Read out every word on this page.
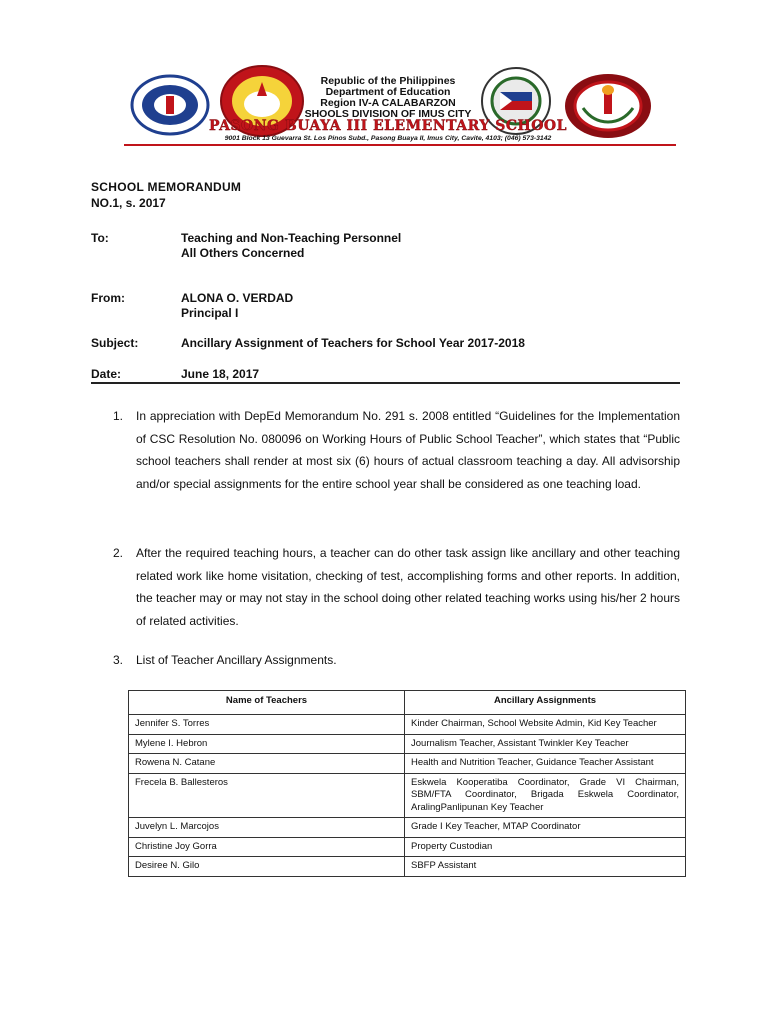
Republic of the Philippines
Department of Education
Region IV-A CALABARZON
SHOOLS DIVISION OF IMUS CITY
PASONG BUAYA III ELEMENTARY SCHOOL
9001 Block 13 Guevarra St. Los Pinos Subd., Pasong Buaya II, Imus City, Cavite, 4103; (046) 573-3142
SCHOOL MEMORANDUM
NO.1, s. 2017
To:	Teaching and Non-Teaching Personnel
All Others Concerned
From:	ALONA O. VERDAD
Principal I
Subject:	Ancillary Assignment of Teachers for School Year 2017-2018
Date:	June 18, 2017
1.	In appreciation with DepEd Memorandum No. 291 s. 2008 entitled “Guidelines for the Implementation of CSC Resolution No. 080096 on Working Hours of Public School Teacher”, which states that “Public school teachers shall render at most six (6) hours of actual classroom teaching a day. All advisorship and/or special assignments for the entire school year shall be considered as one teaching load.
2.	After the required teaching hours, a teacher can do other task assign like ancillary and other teaching related work like home visitation, checking of test, accomplishing forms and other reports. In addition, the teacher may or may not stay in the school doing other related teaching works using his/her 2 hours of related activities.
3.	List of Teacher Ancillary Assignments.
Name of Teachers	Ancillary Assignments
Jennifer S. Torres	Kinder Chairman, School Website Admin, Kid Key Teacher
Mylene I. Hebron	Journalism Teacher, Assistant Twinkler Key Teacher
Rowena N. Catane	Health and Nutrition Teacher, Guidance Teacher Assistant
Frecela B. Ballesteros	Eskwela Kooperatiba Coordinator, Grade VI Chairman, SBM/FTA Coordinator, Brigada Eskwela Coordinator, AralingPanlipunan Key Teacher
Juvelyn L. Marcojos	Grade I Key Teacher, MTAP Coordinator
Christine Joy Gorra	Property Custodian
Desiree N. Gilo	SBFP Assistant
